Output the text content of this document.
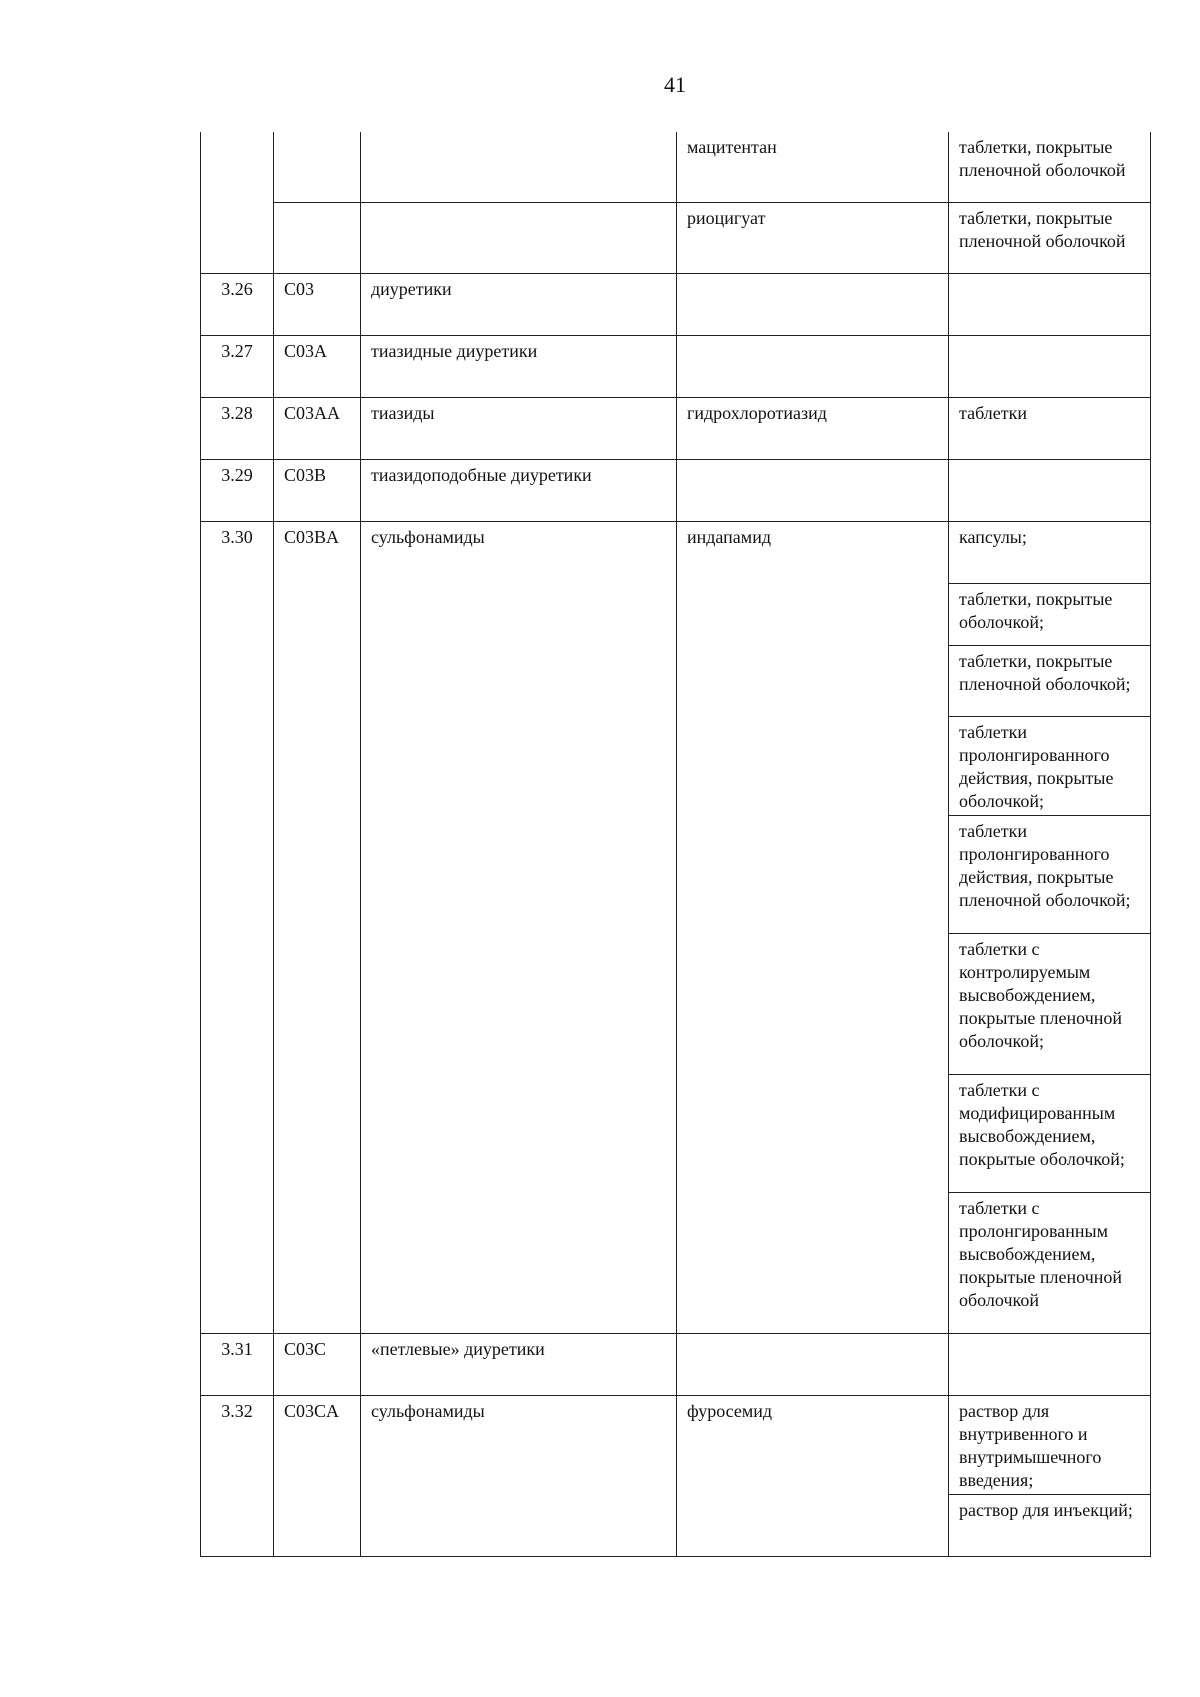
41
			мацитентан	таблетки, покрытые пленочной оболочкой
			риоцигуат	таблетки, покрытые пленочной оболочкой
3.26	C03	диуретики		
3.27	C03A	тиазидные диуретики		
3.28	C03AA	тиазиды	гидрохлоротиазид	таблетки
3.29	C03B	тиазидоподобные диуретики		
3.30	C03BA	сульфонамиды	индапамид	капсулы;
				таблетки, покрытые оболочкой;
				таблетки, покрытые пленочной оболочкой;
				таблетки пролонгированного действия, покрытые оболочкой;
				таблетки пролонгированного действия, покрытые пленочной оболочкой;
				таблетки с контролируемым высвобождением, покрытые пленочной оболочкой;
				таблетки с модифицированным высвобождением, покрытые оболочкой;
				таблетки с пролонгированным высвобождением, покрытые пленочной оболочкой
3.31	C03C	«петлевые» диуретики		
3.32	C03CA	сульфонамиды	фуросемид	раствор для внутривенного и внутримышечного введения;
				раствор для инъекций;
